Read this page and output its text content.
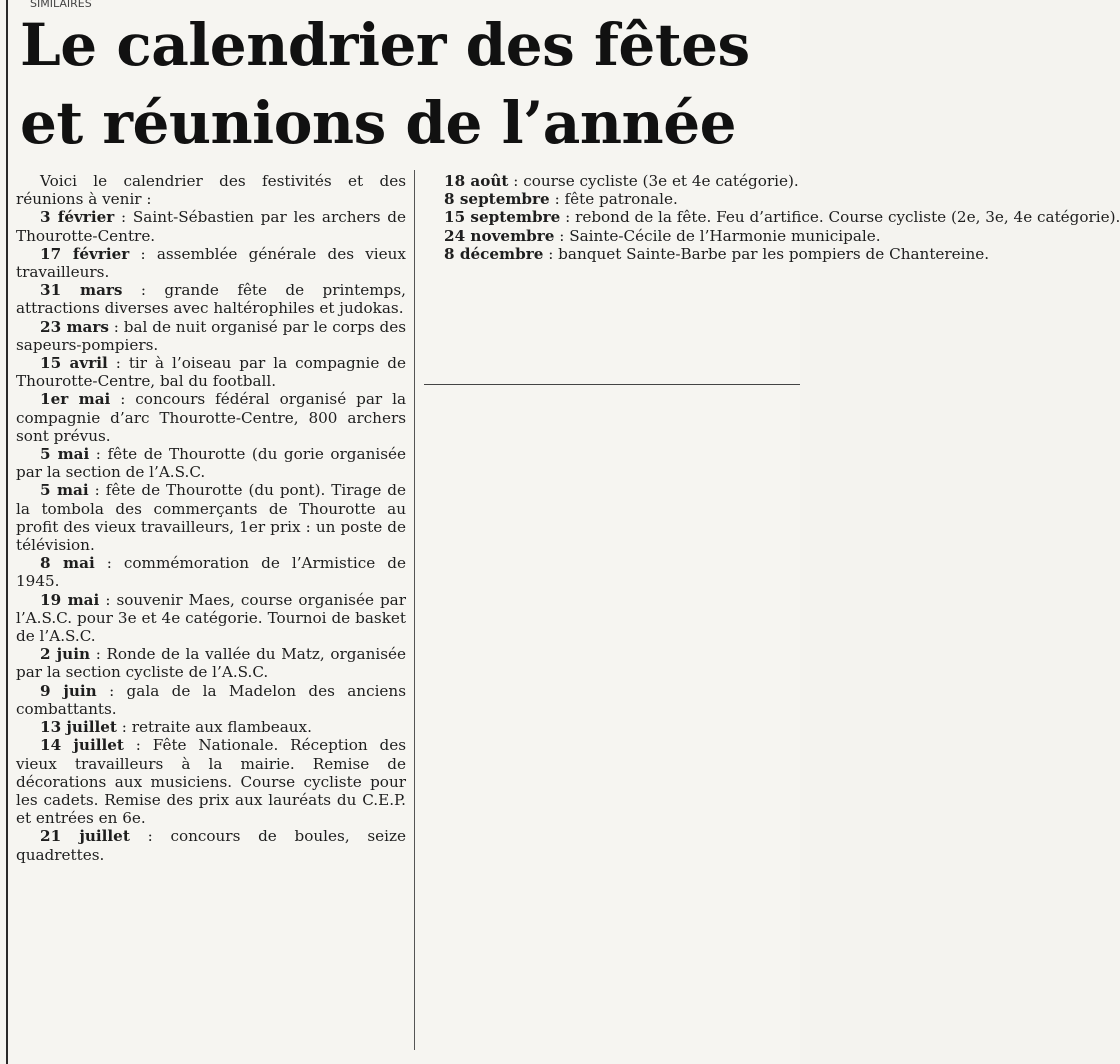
SIMILAIRES
Le calendrier des fêtes
et réunions de l’année

Voici le calendrier des festivités et des réunions à venir :

3 février : Saint-Sébastien par les archers de Thourotte-Centre.

17 février : assemblée générale des vieux travailleurs.

31 mars : grande fête de printemps, attractions diverses avec haltérophiles et judokas.

23 mars : bal de nuit organisé par le corps des sapeurs-pompiers.

15 avril : tir à l’oiseau par la compagnie de Thourotte-Centre, bal du football.

1er mai : concours fédéral organisé par la compagnie d’arc Thourotte-Centre, 800 archers sont prévus.

5 mai : fête de Thourotte (du gorie organisée par la section de l’A.S.C.

5 mai : fête de Thourotte (du pont). Tirage de la tombola des commerçants de Thourotte au profit des vieux travailleurs, 1er prix : un poste de télévision.

8 mai : commémoration de l’Armistice de 1945.

19 mai : souvenir Maes, course organisée par l’A.S.C. pour 3e et 4e catégorie. Tournoi de basket de l’A.S.C.

2 juin : Ronde de la vallée du Matz, organisée par la section cycliste de l’A.S.C.

9 juin : gala de la Madelon des anciens combattants.

13 juillet : retraite aux flambeaux.

14 juillet : Fête Nationale. Réception des vieux travailleurs à la mairie. Remise de décorations aux musiciens. Course cycliste pour les cadets. Remise des prix aux lauréats du C.E.P. et entrées en 6e.

21 juillet : concours de boules, seize quadrettes.

18 août : course cycliste (3e et 4e catégorie).

8 septembre : fête patronale.

15 septembre : rebond de la fête. Feu d’artifice. Course cycliste (2e, 3e, 4e catégorie).

24 novembre : Sainte-Cécile de l’Harmonie municipale.

8 décembre : banquet Sainte-Barbe par les pompiers de Chantereine.
